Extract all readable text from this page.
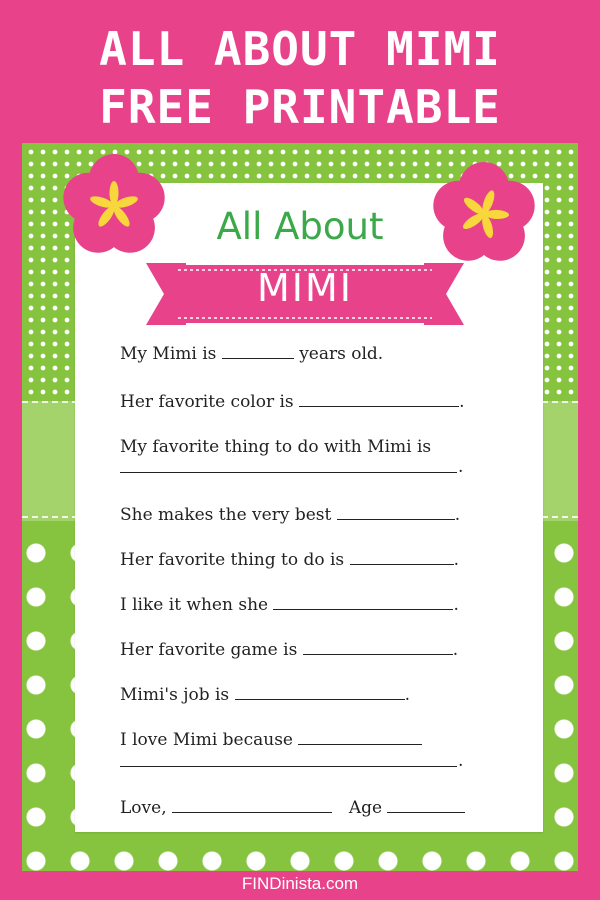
ALL ABOUT MIMI
FREE PRINTABLE
All About
MIMI
My Mimi is	years old.
Her favorite color is	.
My favorite thing to do with Mimi is
.
She makes the very best	.
Her favorite thing to do is	.
I like it when she	.
Her favorite game is	.
Mimi's job is	.
I love Mimi because
.
Love,	Age
FINDinista.com
